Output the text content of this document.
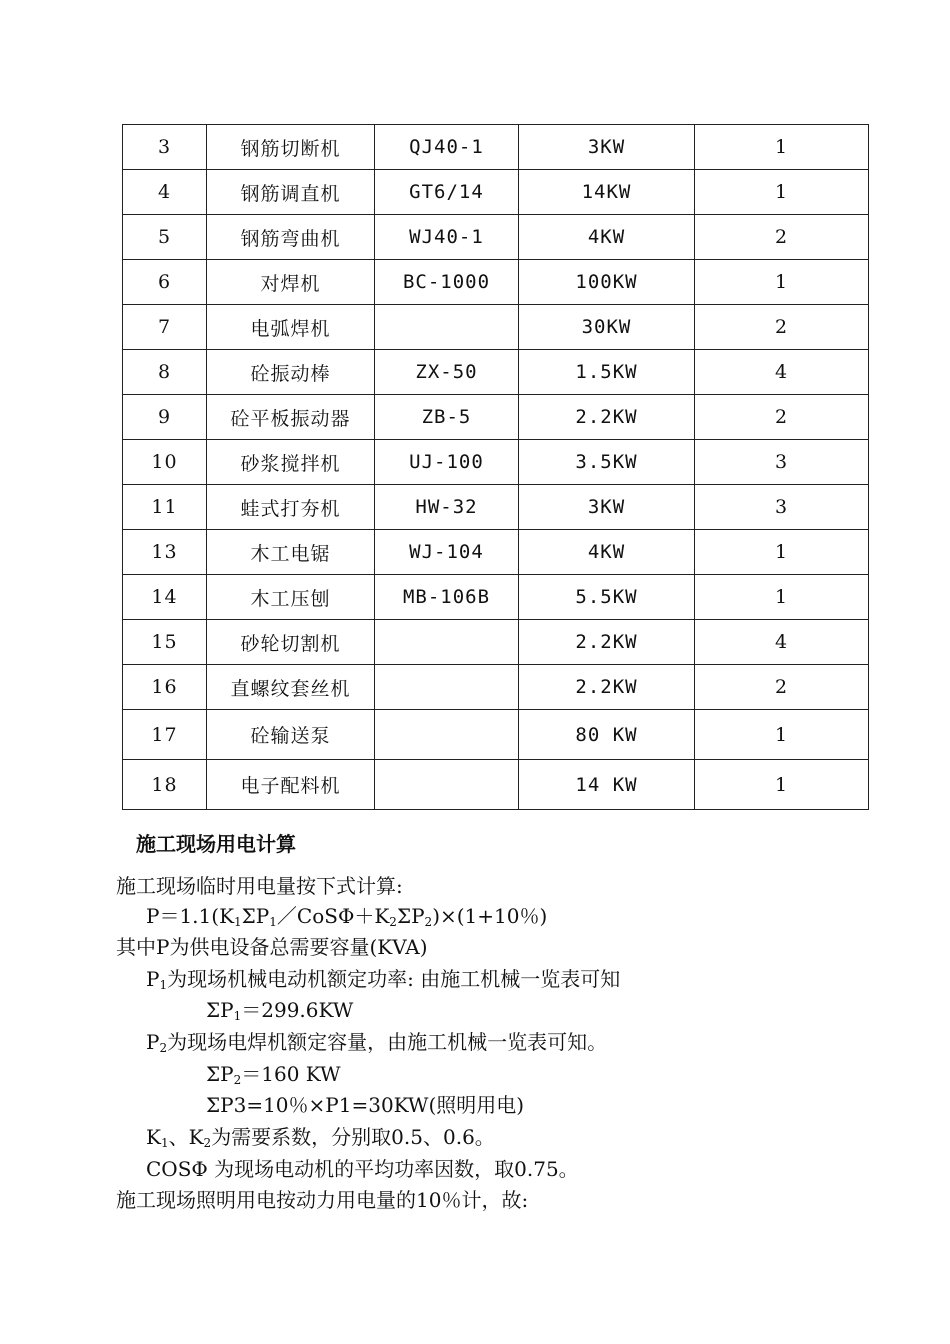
3	钢筋切断机	QJ40-1	3KW	1
4	钢筋调直机	GT6/14	14KW	1
5	钢筋弯曲机	WJ40-1	4KW	2
6	对焊机	BC-1000	100KW	1
7	电弧焊机		30KW	2
8	砼振动棒	ZX-50	1.5KW	4
9	砼平板振动器	ZB-5	2.2KW	2
10	砂浆搅拌机	UJ-100	3.5KW	3
11	蛙式打夯机	HW-32	3KW	3
13	木工电锯	WJ-104	4KW	1
14	木工压刨	MB-106B	5.5KW	1
15	砂轮切割机		2.2KW	4
16	直螺纹套丝机		2.2KW	2
17	砼输送泵		80 KW	1
18	电子配料机		14 KW	1
施工现场用电计算
施工现场临时用电量按下式计算:
$P=1.1(K_1\Sigma P_1/CoS\Phi+K_2\Sigma P_2)\times(1+10$％)
其中P为供电设备总需要容量(KVA)
$P_1$为现场机械电动机额定功率: 由施工机械一览表可知
$\Sigma P_1=299.6KW$
$P_2$为现场电焊机额定容量，由施工机械一览表可知。
$\Sigma P_2=160$ KW
ΣP3=10％×P1=30KW(照明用电)
$K_1$、$K_2$为需要系数，分别取0.5、0.6。
COSΦ 为现场电动机的平均功率因数，取0.75。
施工现场照明用电按动力用电量的10％计，故:
